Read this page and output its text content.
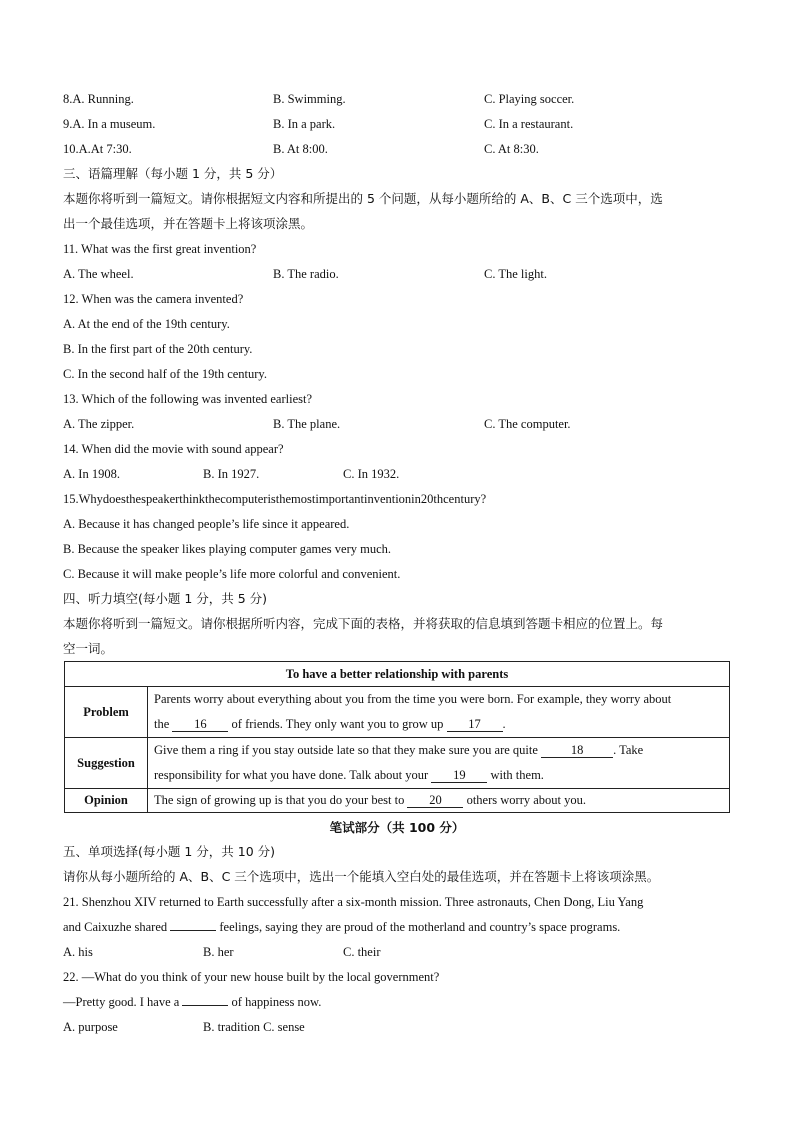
8.A. Running.	B. Swimming.	C. Playing soccer.
9.A. In a museum.	B. In a park.	C. In a restaurant.
10.A.At 7:30.	B. At 8:00.	C. At 8:30.
三、语篇理解（每小题 1 分，共 5 分）
本题你将听到一篇短文。请你根据短文内容和所提出的 5 个问题，从每小题所给的 A、B、C 三个选项中，选
出一个最佳选项，并在答题卡上将该项涂黑。
11. What was the first great invention?
A. The wheel.	B. The radio.	C. The light.
12. When was the camera invented?
A. At the end of the 19th century.
B. In the first part of the 20th century.
C. In the second half of the 19th century.
13. Which of the following was invented earliest?
A. The zipper.	B. The plane.	C. The computer.
14. When did the movie with sound appear?
A. In 1908.	B. In 1927.	C. In 1932.
15.Whydoesthespeakerthinkthecomputeristhemostimportantinventionin20thcentury?
A. Because it has changed people’s life since it appeared.
B. Because the speaker likes playing computer games very much.
C. Because it will make people’s life more colorful and convenient.
四、听力填空(每小题 1 分，共 5 分)
本题你将听到一篇短文。请你根据所听内容，完成下面的表格，并将获取的信息填到答题卡相应的位置上。每
空一词。
To have a better relationship with parents	
Problem	Parents worry about everything about you from the time you were born. For example, they worry about
the 16 of friends. They only want you to grow up 17 .
Suggestion	Give them a ring if you stay outside late so that they make sure you are quite 18 . Take
responsibility for what you have done. Talk about your 19 with them.
Opinion	The sign of growing up is that you do your best to 20 others worry about you.
笔试部分（共 100 分）
五、单项选择(每小题 1 分，共 10 分)
请你从每小题所给的 A、B、C 三个选项中，选出一个能填入空白处的最佳选项，并在答题卡上将该项涂黑。
21. Shenzhou XIV returned to Earth successfully after a six-month mission. Three astronauts, Chen Dong, Liu Yang
and Caixuzhe shared	feelings, saying they are proud of the motherland and country’s space programs.
A. his	B. her	C. their
22. —What do you think of your new house built by the local government?
—Pretty good. I have a	of happiness now.
A. purpose	B. tradition C. sense
